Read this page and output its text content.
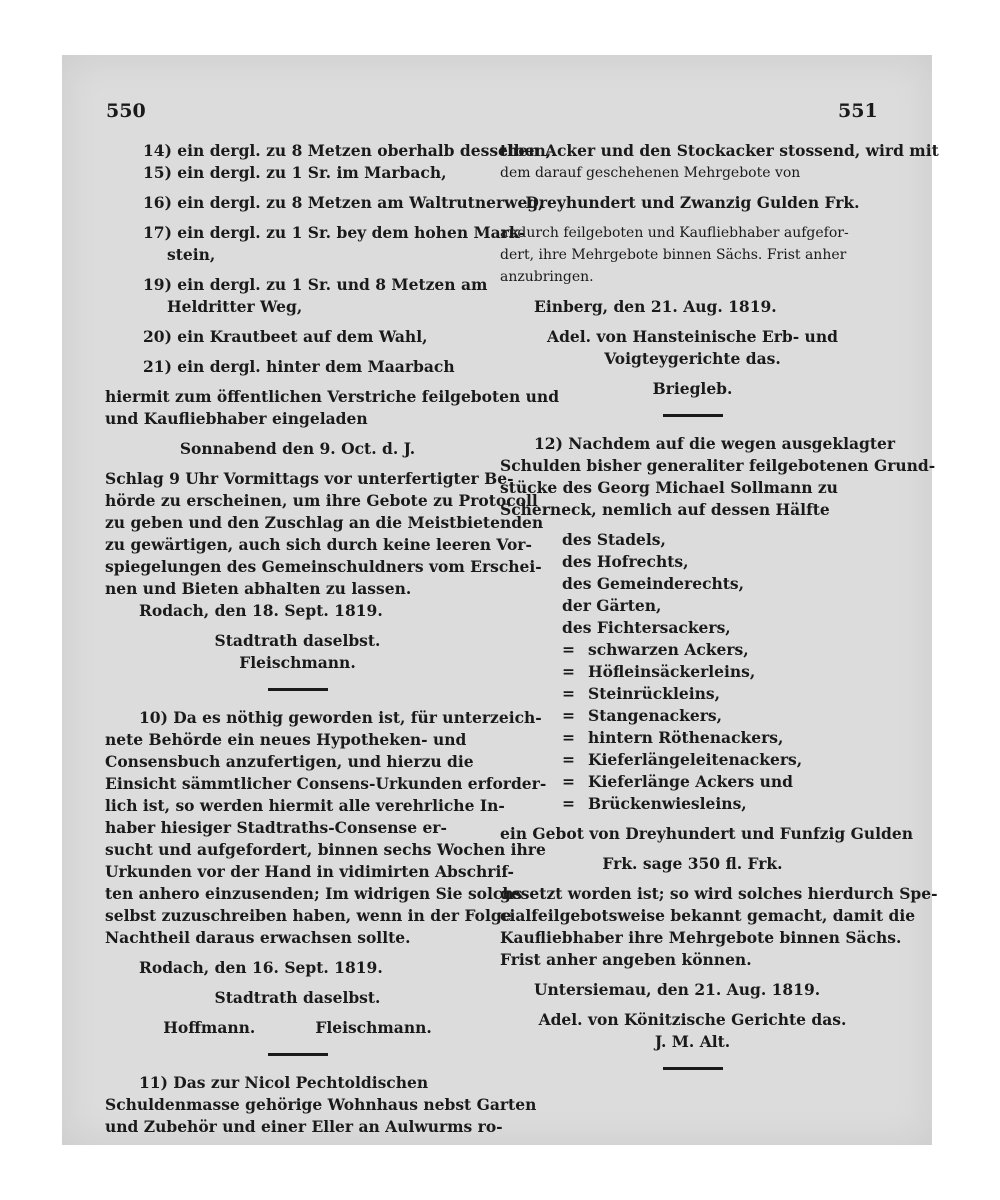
550	551
14) ein dergl. zu 8 Metzen oberhalb desselben,
15) ein dergl. zu 1 Sr. im Marbach,
16) ein dergl. zu 8 Metzen am Waltrutnerweg,
17) ein dergl. zu 1 Sr. bey dem hohen Mark-
stein,
19) ein dergl. zu 1 Sr. und 8 Metzen am
Heldritter Weg,
20) ein Krautbeet auf dem Wahl,
21) ein dergl. hinter dem Maarbach
hiermit zum öffentlichen Verstriche feilgeboten und
und Kaufliebhaber eingeladen
Sonnabend den 9. Oct. d. J.
Schlag 9 Uhr Vormittags vor unterfertigter Be-
hörde zu erscheinen, um ihre Gebote zu Protocoll
zu geben und den Zuschlag an die Meistbietenden
zu gewärtigen, auch sich durch keine leeren Vor-
spiegelungen des Gemeinschuldners vom Erschei-
nen und Bieten abhalten zu lassen.
Rodach, den 18. Sept. 1819.
Stadtrath daselbst.
Fleischmann.
10) Da es nöthig geworden ist, für unterzeich-
nete Behörde ein neues Hypotheken- und
Consensbuch anzufertigen, und hierzu die
Einsicht sämmtlicher Consens-Urkunden erforder-
lich ist, so werden hiermit alle verehrliche In-
haber hiesiger Stadtraths-Consense er-
sucht und aufgefordert, binnen sechs Wochen ihre
Urkunden vor der Hand in vidimirten Abschrif-
ten anhero einzusenden; Im widrigen Sie solchs
selbst zuzuschreiben haben, wenn in der Folge
Nachtheil daraus erwachsen sollte.
Rodach, den 16. Sept. 1819.
Stadtrath daselbst.
Hoffmann.	Fleischmann.
11) Das zur Nicol Pechtoldischen
Schuldenmasse gehörige Wohnhaus nebst Garten
und Zubehör und einer Eller an Aulwurms ro-
then Acker und den Stockacker stossend, wird mit
dem darauf geschehenen Mehrgebote von
Dreyhundert und Zwanzig Gulden Frk.
andurch feilgeboten und Kaufliebhaber aufgefor-
dert, ihre Mehrgebote binnen Sächs. Frist anher
anzubringen.
Einberg, den 21. Aug. 1819.
Adel. von Hansteinische Erb- und
Voigteygerichte das.
Briegleb.
12) Nachdem auf die wegen ausgeklagter
Schulden bisher generaliter feilgebotenen Grund-
stücke des Georg Michael Sollmann zu
Scherneck, nemlich auf dessen Hälfte
des Stadels,
des Hofrechts,
des Gemeinderechts,
der Gärten,
des Fichtersackers,
= schwarzen Ackers,
= Höfleinsäckerleins,
= Steinrückleins,
= Stangenackers,
= hintern Röthenackers,
= Kieferlängeleitenackers,
= Kieferlänge Ackers und
= Brückenwiesleins,
ein Gebot von Dreyhundert und Funfzig Gulden
Frk. sage 350 fl. Frk.
gesetzt worden ist; so wird solches hierdurch Spe-
cialfeilgebotsweise bekannt gemacht, damit die
Kaufliebhaber ihre Mehrgebote binnen Sächs.
Frist anher angeben können.
Untersiemau, den 21. Aug. 1819.
Adel. von Könitzische Gerichte das.
J. M. Alt.
